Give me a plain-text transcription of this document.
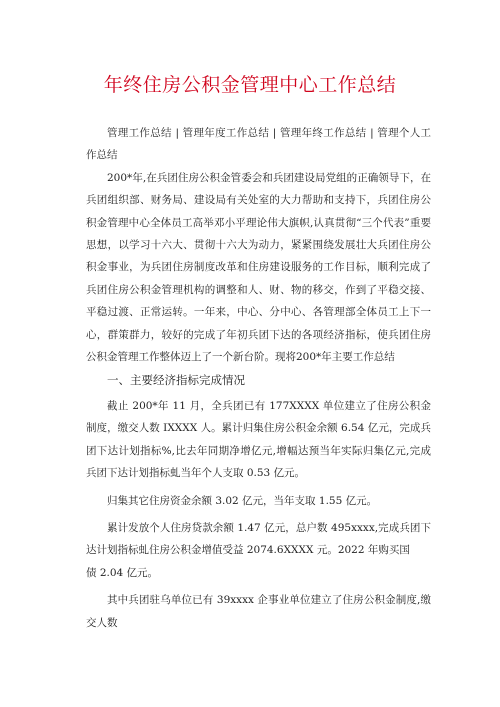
年终住房公积金管理中心工作总结

管理工作总结 | 管理年度工作总结 | 管理年终工作总结 | 管理个人工作总结

200*年,在兵团住房公积金管委会和兵团建设局党组的正确领导下，在兵团组织部、财务局、建设局有关处室的大力帮助和支持下，兵团住房公积金管理中心全体员工高举邓小平理论伟大旗帜,认真贯彻“三个代表”重要思想，以学习十六大、贯彻十六大为动力，紧紧围绕发展壮大兵团住房公积金事业，为兵团住房制度改革和住房建设服务的工作目标，顺利完成了兵团住房公积金管理机构的调整和人、财、物的移交，作到了平稳交接、平稳过渡、正常运转。一年来，中心、分中心、各管理部全体员工上下一心，群策群力，较好的完成了年初兵团下达的各项经济指标，使兵团住房公积金管理工作整体迈上了一个新台阶。现将200*年主要工作总结

一、主要经济指标完成情况

截止 200*年 11 月，全兵团已有 177XXXX 单位建立了住房公积金制度，缴交人数 IXXXX 人。累计归集住房公积金余额 6.54 亿元，完成兵团下达计划指标%,比去年同期净增亿元,增幅达预当年实际归集亿元,完成兵团下达计划指标虬当年个人支取 0.53 亿元。

归集其它住房资金余额 3.02 亿元，当年支取 1.55 亿元。

累计发放个人住房贷款余额 1.47 亿元，总户数 495xxxx,完成兵团下达计划指标虬住房公积金增值受益 2074.6XXXX 元。2022 年购买国

债 2.04 亿元。

其中兵团驻乌单位已有 39xxxx 企事业单位建立了住房公积金制度,缴交人数
